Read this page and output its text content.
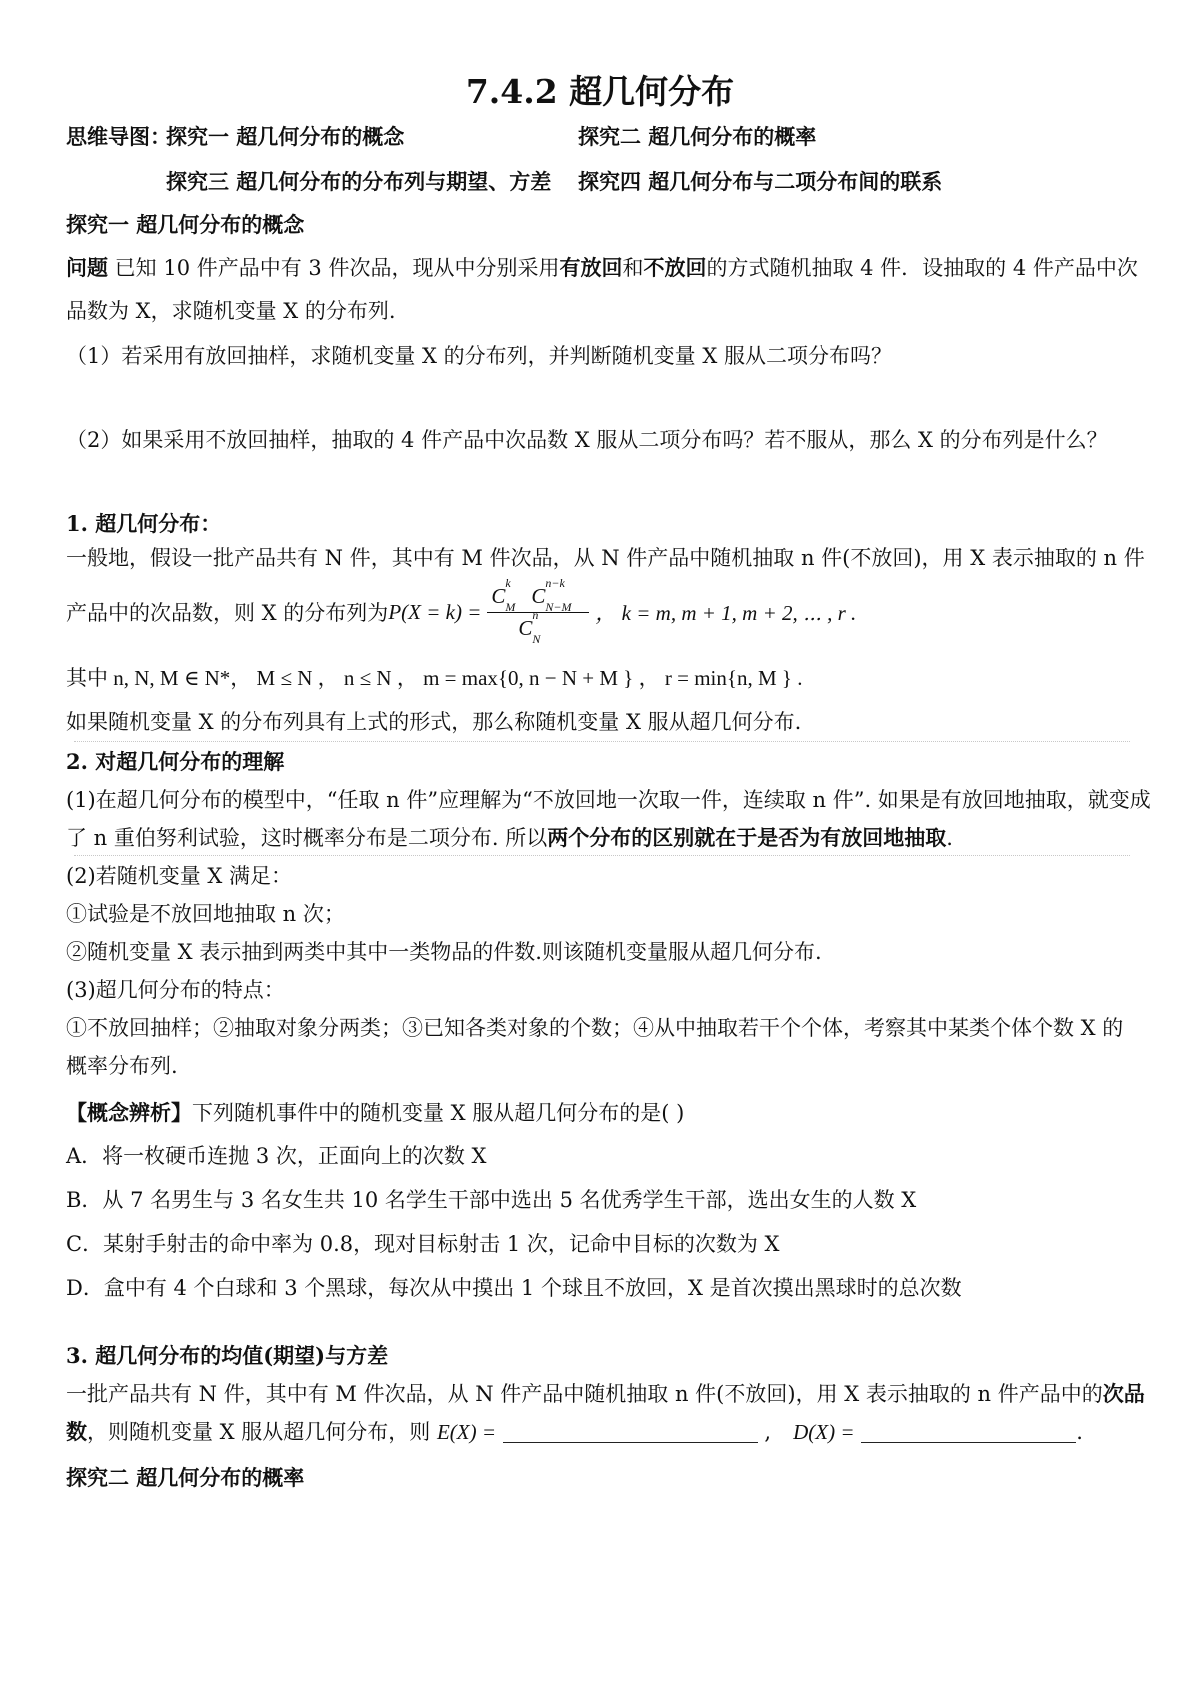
7.4.2 超几何分布
思维导图：
探究一 超几何分布的概念	探究二 超几何分布的概率
探究三 超几何分布的分布列与期望、方差 探究四 超几何分布与二项分布间的联系
探究一 超几何分布的概念
问题 已知 10 件产品中有 3 件次品，现从中分别采用有放回和不放回的方式随机抽取 4 件．设抽取的 4 件产品中次
品数为 X，求随机变量 X 的分布列.
（1）若采用有放回抽样，求随机变量 X 的分布列，并判断随机变量 X 服从二项分布吗？
（2）如果采用不放回抽样，抽取的 4 件产品中次品数 X 服从二项分布吗？若不服从，那么 X 的分布列是什么？
1. 超几何分布：
一般地，假设一批产品共有 N 件，其中有 M 件次品，从 N 件产品中随机抽取 n 件(不放回)，用 X 表示抽取的 n 件
产品中的次品数，则 X 的分布列为 P(X = k) = C
k
M C
n−k
N−M
C
n
N ， k = m, m + 1, m + 2, ⋯ , r .
其中 n, N, M ∈ N*， M ≤ N ， n ≤ N ， m = max{0, n − N + M } ， r = min{n, M } .
如果随机变量 X 的分布列具有上式的形式，那么称随机变量 X 服从超几何分布.
2. 对超几何分布的理解
(1)在超几何分布的模型中，“任取 n 件”应理解为“不放回地一次取一件，连续取 n 件”. 如果是有放回地抽取，就变成
了 n 重伯努利试验，这时概率分布是二项分布. 所以两个分布的区别就在于是否为有放回地抽取.
(2)若随机变量 X 满足：
①试验是不放回地抽取 n 次；
②随机变量 X 表示抽到两类中其中一类物品的件数.则该随机变量服从超几何分布.
(3)超几何分布的特点：
①不放回抽样；②抽取对象分两类；③已知各类对象的个数；④从中抽取若干个个体，考察其中某类个体个数 X 的
概率分布列.
【概念辨析】下列随机事件中的随机变量 X 服从超几何分布的是( )
A．将一枚硬币连抛 3 次，正面向上的次数 X
B．从 7 名男生与 3 名女生共 10 名学生干部中选出 5 名优秀学生干部，选出女生的人数 X
C．某射手射击的命中率为 0.8，现对目标射击 1 次，记命中目标的次数为 X
D．盒中有 4 个白球和 3 个黑球，每次从中摸出 1 个球且不放回，X 是首次摸出黑球时的总次数
3. 超几何分布的均值(期望)与方差
一批产品共有 N 件，其中有 M 件次品，从 N 件产品中随机抽取 n 件(不放回)，用 X 表示抽取的 n 件产品中的次品
数，则随机变量 X 服从超几何分布，则 E(X) =	, D(X) =	.
探究二 超几何分布的概率
